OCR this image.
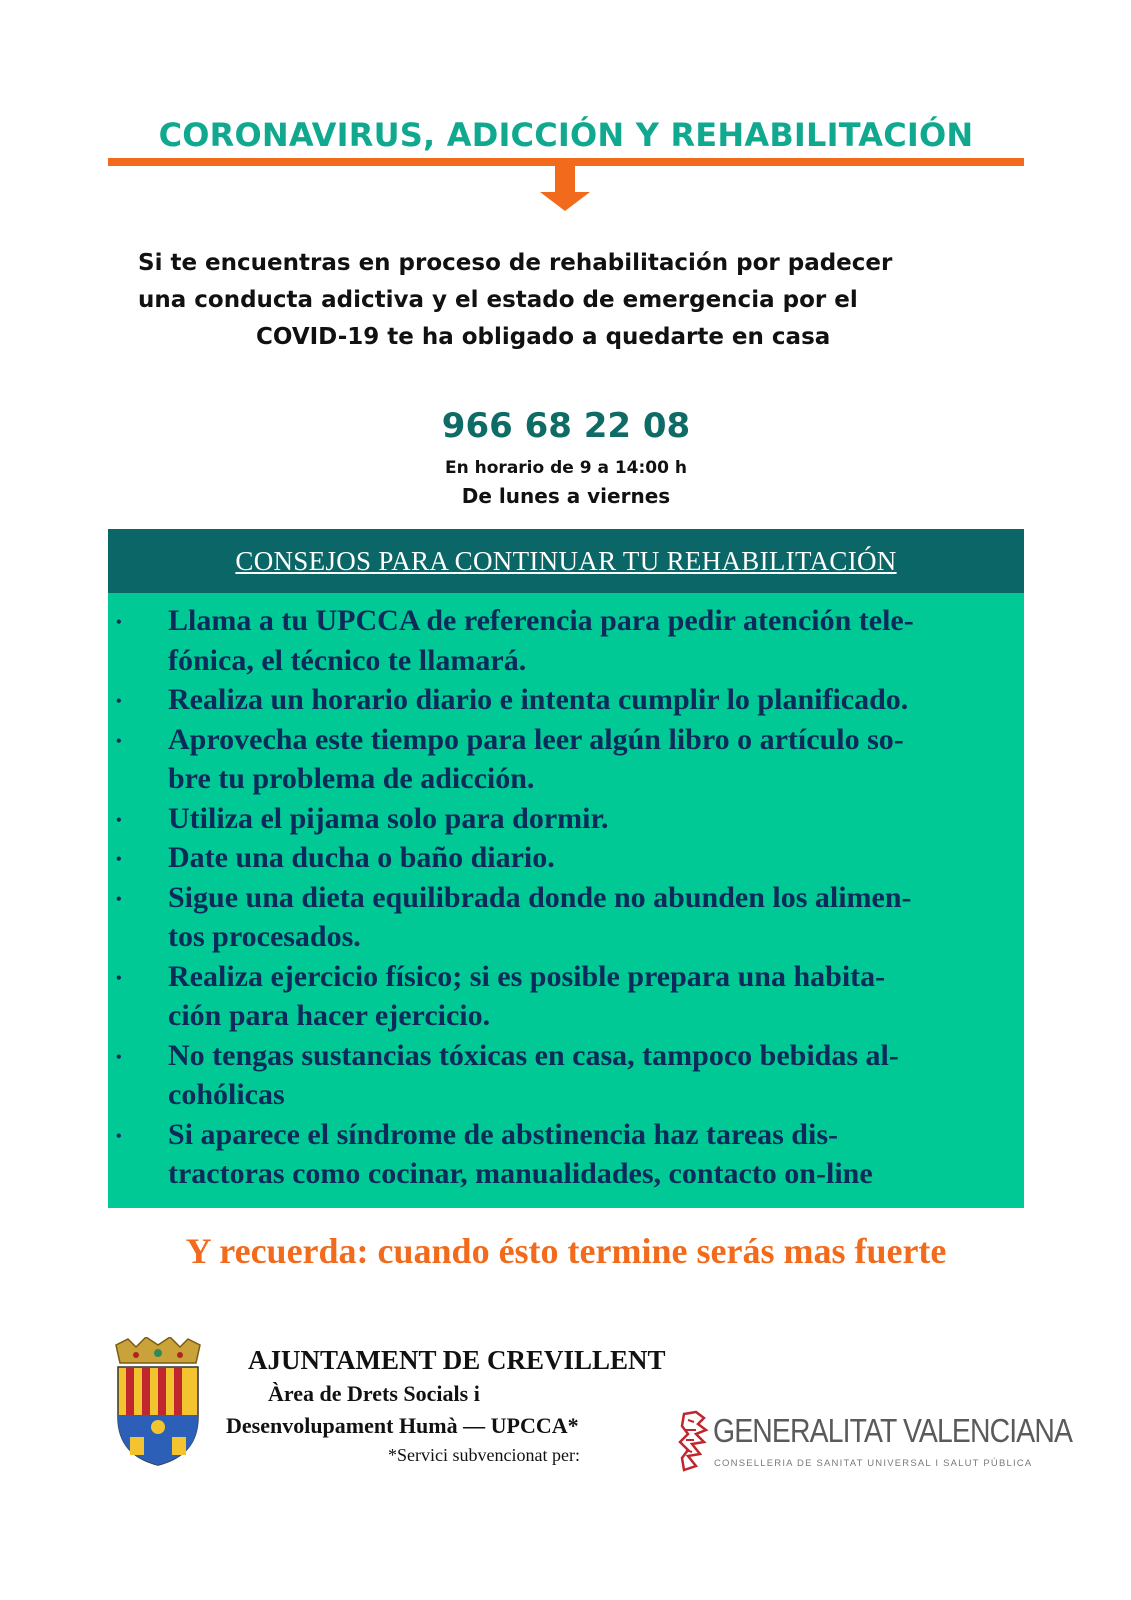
CORONAVIRUS, ADICCIÓN Y REHABILITACIÓN
Si te encuentras en proceso de rehabilitación por padecer
una conducta adictiva y el estado de emergencia por el

COVID-19 te ha obligado a quedarte en casa
966 68 22 08
En horario de 9 a 14:00 h
De lunes a viernes
CONSEJOS PARA CONTINUAR TU REHABILITACIÓN
• Llama a tu UPCCA de referencia para pedir atención tele-
fónica, el técnico te llamará.
• Realiza un horario diario e intenta cumplir lo planificado.
• Aprovecha este tiempo para leer algún libro o artículo so-
bre tu problema de adicción.
• Utiliza el pijama solo para dormir.
• Date una ducha o baño diario.
• Sigue una dieta equilibrada donde no abunden los alimen-
tos procesados.
• Realiza ejercicio físico; si es posible prepara una habita-
ción para hacer ejercicio.
• No tengas sustancias tóxicas en casa, tampoco bebidas al-
cohólicas
• Si aparece el síndrome de abstinencia haz tareas dis-
tractoras como cocinar, manualidades, contacto on-line
Y recuerda: cuando ésto termine serás mas fuerte
AJUNTAMENT DE CREVILLENT
Àrea de Drets Socials i
Desenvolupament Humà — UPCCA*
*Servici subvencionat per:
GENERALITAT VALENCIANA
CONSELLERIA DE SANITAT UNIVERSAL I SALUT PÚBLICA
